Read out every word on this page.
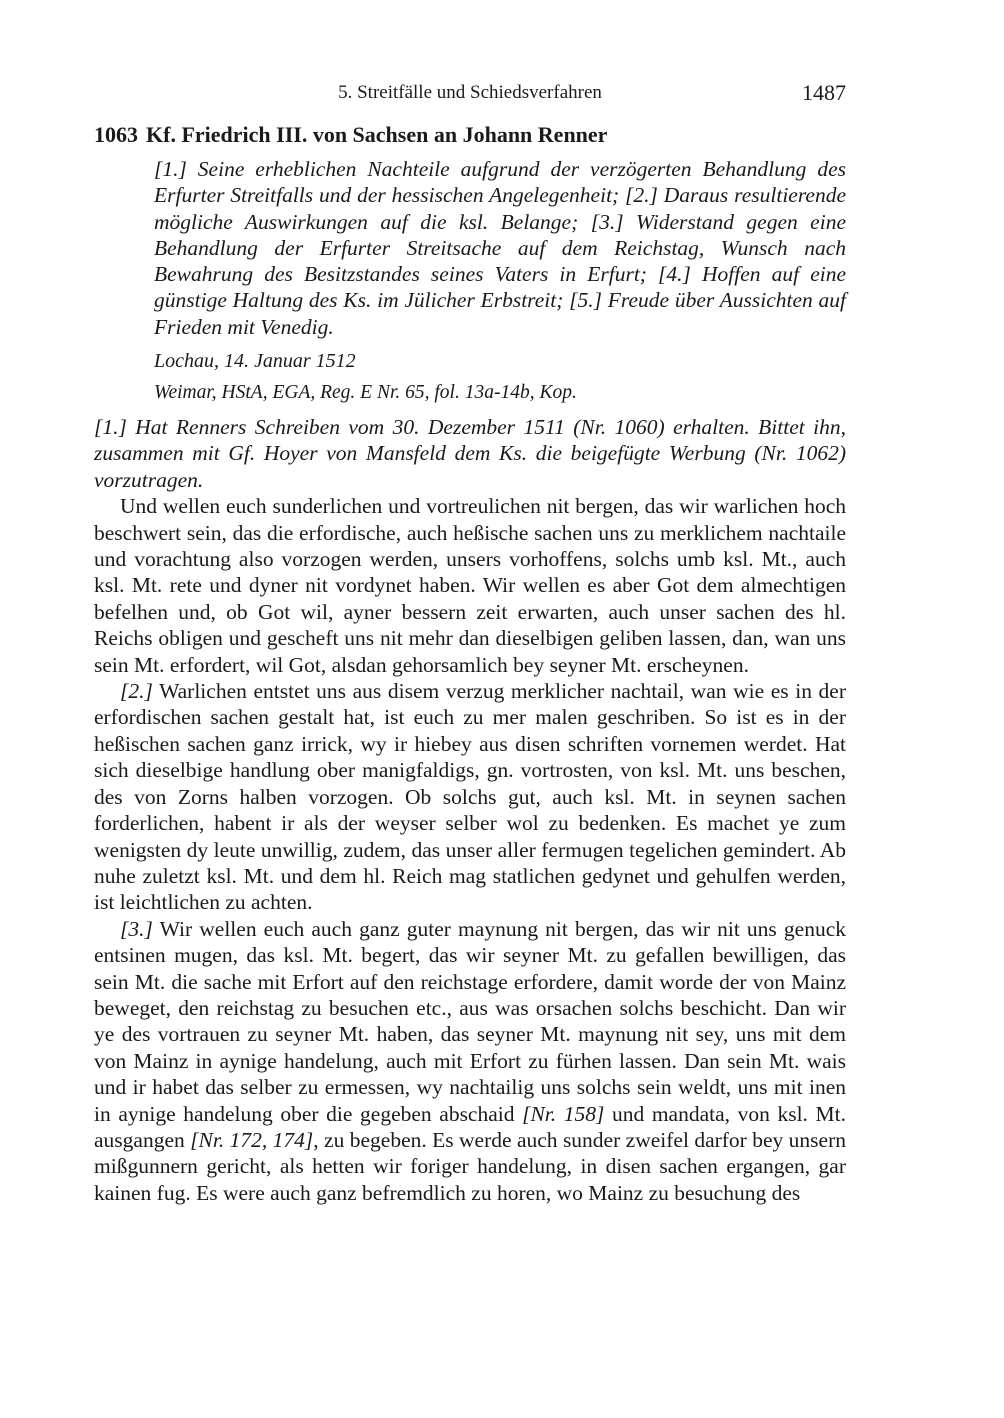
5. Streitfälle und Schiedsverfahren	1487
1063 Kf. Friedrich III. von Sachsen an Johann Renner
[1.] Seine erheblichen Nachteile aufgrund der verzögerten Behandlung des Erfurter Streitfalls und der hessischen Angelegenheit; [2.] Daraus resultierende mögliche Auswirkungen auf die ksl. Belange; [3.] Widerstand gegen eine Behandlung der Erfurter Streitsache auf dem Reichstag, Wunsch nach Bewahrung des Besitzstandes seines Vaters in Erfurt; [4.] Hoffen auf eine günstige Haltung des Ks. im Jülicher Erbstreit; [5.] Freude über Aussichten auf Frieden mit Venedig.
Lochau, 14. Januar 1512
Weimar, HStA, EGA, Reg. E Nr. 65, fol. 13a-14b, Kop.

[1.] Hat Renners Schreiben vom 30. Dezember 1511 (Nr. 1060) erhalten. Bittet ihn, zusammen mit Gf. Hoyer von Mansfeld dem Ks. die beigefügte Werbung (Nr. 1062) vorzutragen.

Und wellen euch sunderlichen und vortreulichen nit bergen, das wir warlichen hoch beschwert sein, das die erfordische, auch heßische sachen uns zu merklichem nachtaile und vorachtung also vorzogen werden, unsers vorhoffens, solchs umb ksl. Mt., auch ksl. Mt. rete und dyner nit vordynet haben. Wir wellen es aber Got dem almechtigen befelhen und, ob Got wil, ayner bessern zeit erwarten, auch unser sachen des hl. Reichs obligen und gescheft uns nit mehr dan dieselbigen geliben lassen, dan, wan uns sein Mt. erfordert, wil Got, alsdan gehorsamlich bey seyner Mt. erscheynen.

[2.] Warlichen entstet uns aus disem verzug merklicher nachtail, wan wie es in der erfordischen sachen gestalt hat, ist euch zu mer malen geschriben. So ist es in der heßischen sachen ganz irrick, wy ir hiebey aus disen schriften vornemen werdet. Hat sich dieselbige handlung ober manigfaldigs, gn. vortrosten, von ksl. Mt. uns beschen, des von Zorns halben vorzogen. Ob solchs gut, auch ksl. Mt. in seynen sachen forderlichen, habent ir als der weyser selber wol zu bedenken. Es machet ye zum wenigsten dy leute unwillig, zudem, das unser aller fermugen tegelichen gemindert. Ab nuhe zuletzt ksl. Mt. und dem hl. Reich mag statlichen gedynet und gehulfen werden, ist leichtlichen zu achten.

[3.] Wir wellen euch auch ganz guter maynung nit bergen, das wir nit uns genuck entsinen mugen, das ksl. Mt. begert, das wir seyner Mt. zu gefallen bewilligen, das sein Mt. die sache mit Erfort auf den reichstage erfordere, damit worde der von Mainz beweget, den reichstag zu besuchen etc., aus was orsachen solchs beschicht. Dan wir ye des vortrauen zu seyner Mt. haben, das seyner Mt. maynung nit sey, uns mit dem von Mainz in aynige handelung, auch mit Erfort zu fürhen lassen. Dan sein Mt. wais und ir habet das selber zu ermessen, wy nachtailig uns solchs sein weldt, uns mit inen in aynige handelung ober die gegeben abschaid [Nr. 158] und mandata, von ksl. Mt. ausgangen [Nr. 172, 174], zu begeben. Es werde auch sunder zweifel darfor bey unsern mißgunnern gericht, als hetten wir foriger handelung, in disen sachen ergangen, gar kainen fug. Es were auch ganz befremdlich zu horen, wo Mainz zu besuchung des
